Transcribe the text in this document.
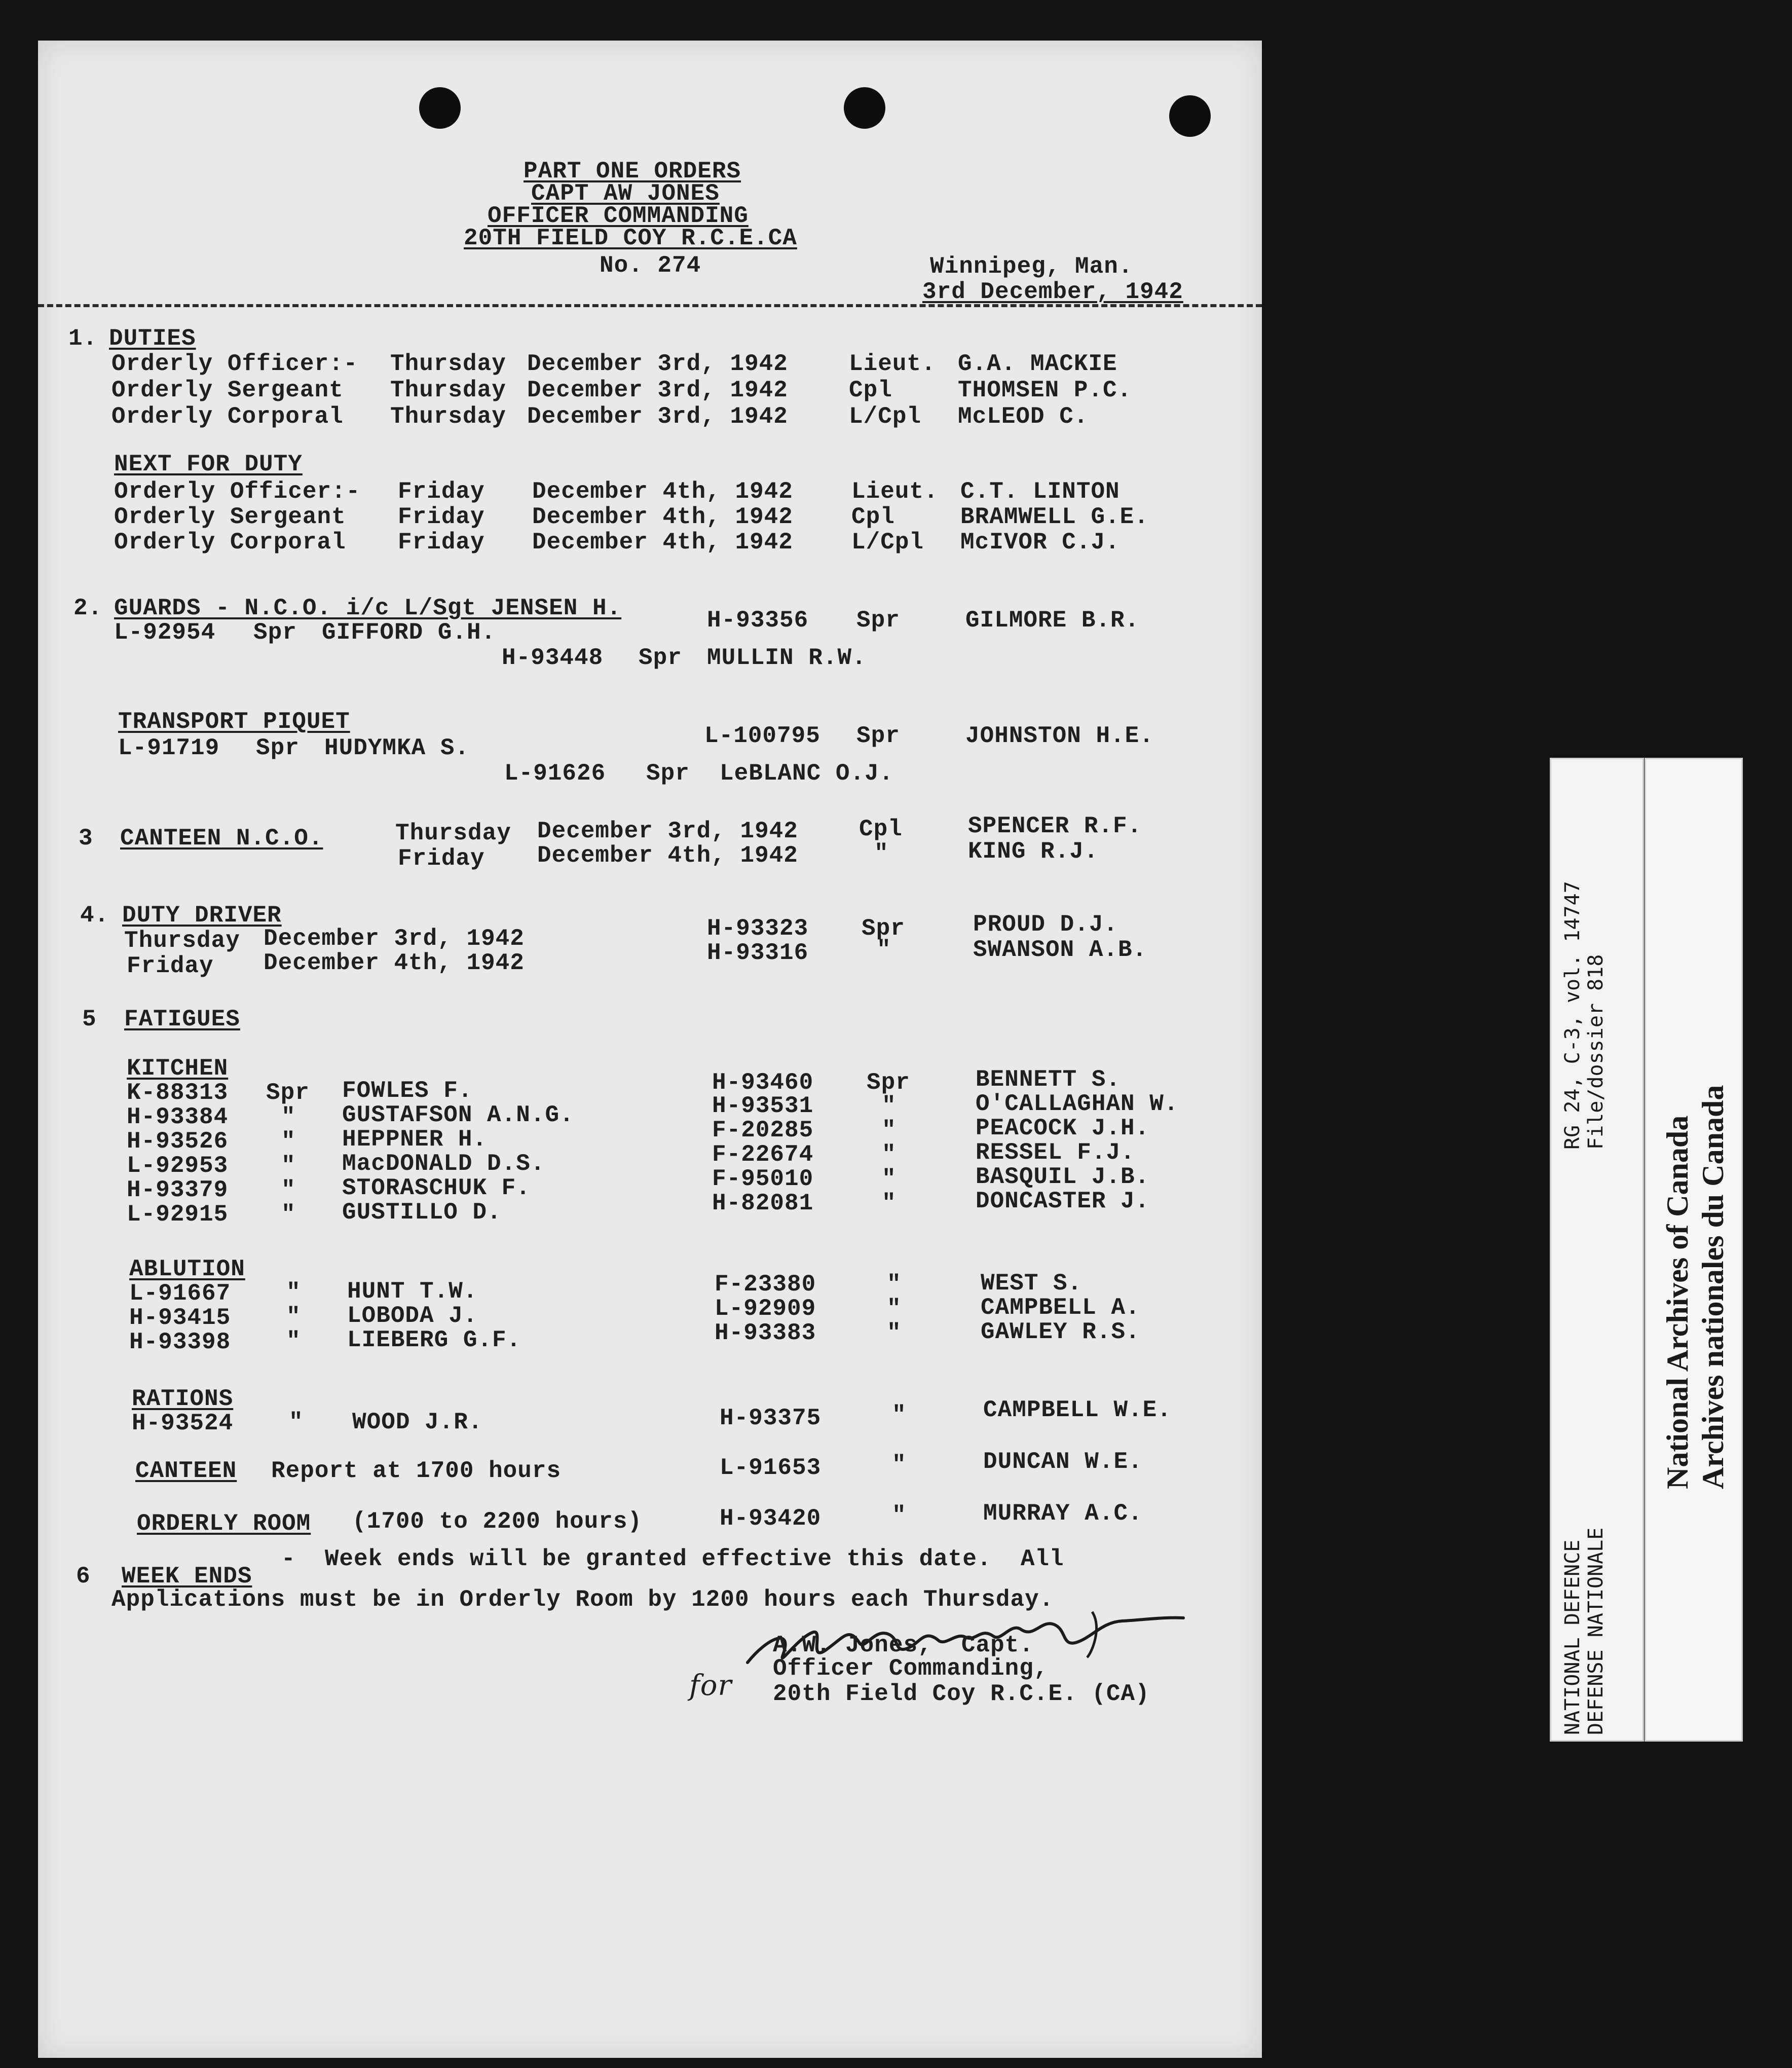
PART ONE ORDERS
CAPT AW JONES
OFFICER COMMANDING
20TH FIELD COY R.C.E.CA
No. 274	Winnipeg, Man.
3rd December, 1942
1. DUTIES
Orderly Officer:- Thursday December 3rd, 1942	Lieut. G.A. MACKIE
Orderly Sergeant Thursday December 3rd, 1942	Cpl	THOMSEN P.C.
Orderly Corporal Thursday December 3rd, 1942	L/Cpl McLEOD C.
NEXT FOR DUTY
Orderly Officer:- Friday December 4th, 1942	Lieut. C.T. LINTON
Orderly Sergeant Friday December 4th, 1942	Cpl	BRAMWELL G.E.
Orderly Corporal Friday December 4th, 1942	L/Cpl McIVOR C.J.
2. GUARDS - N.C.O. i/c L/Sgt JENSEN H.
L-92954 Spr GIFFORD G.H.	H-93356 Spr	GILMORE B.R.
H-93448 Spr MULLIN R.W.
TRANSPORT PIQUET
L-91719 Spr HUDYMKA S.	L-100795 Spr	JOHNSTON H.E.
L-91626 Spr LeBLANC O.J.
3 CANTEEN N.C.O.	Thursday December 3rd, 1942	Cpl	SPENCER R.F.
Friday December 4th, 1942	"	KING R.J.
4. DUTY DRIVER
Thursday December 3rd, 1942	H-93323 Spr	PROUD D.J.
Friday December 4th, 1942	H-93316	"	SWANSON A.B.
5 FATIGUES
KITCHEN
K-88313 Spr FOWLES F.	H-93460 Spr	BENNETT S.
H-93384 " GUSTAFSON A.N.G.	H-93531	"	O'CALLAGHAN W.
H-93526 " HEPPNER H.	F-20285	"	PEACOCK J.H.
L-92953 " MacDONALD D.S.	F-22674	"	RESSEL F.J.
H-93379 " STORASCHUK F.	F-95010	"	BASQUIL J.B.
L-92915 " GUSTILLO D.	H-82081	"	DONCASTER J.
ABLUTION
L-91667 " HUNT T.W.	F-23380	"	WEST S.
H-93415 " LOBODA J.	L-92909	"	CAMPBELL A.
H-93398 " LIEBERG G.F.	H-93383	"	GAWLEY R.S.
RATIONS
H-93524 " WOOD J.R.	H-93375	"	CAMPBELL W.E.
CANTEEN Report at 1700 hours	L-91653	"	DUNCAN W.E.
ORDERLY ROOM (1700 to 2200 hours)	H-93420	"	MURRAY A.C.
6 WEEK ENDS
-  Week ends will be granted effective this date.  All
Applications must be in Orderly Room by 1200 hours each Thursday.
A.W. Jones,  Capt.
Officer Commanding,
20th Field Coy R.C.E. (CA)
for
RG 24, C-3, vol. 14747 File/dossier 818
NATIONAL DEFENCE DEFENSE NATIONALE
National Archives of Canada Archives nationales du Canada
